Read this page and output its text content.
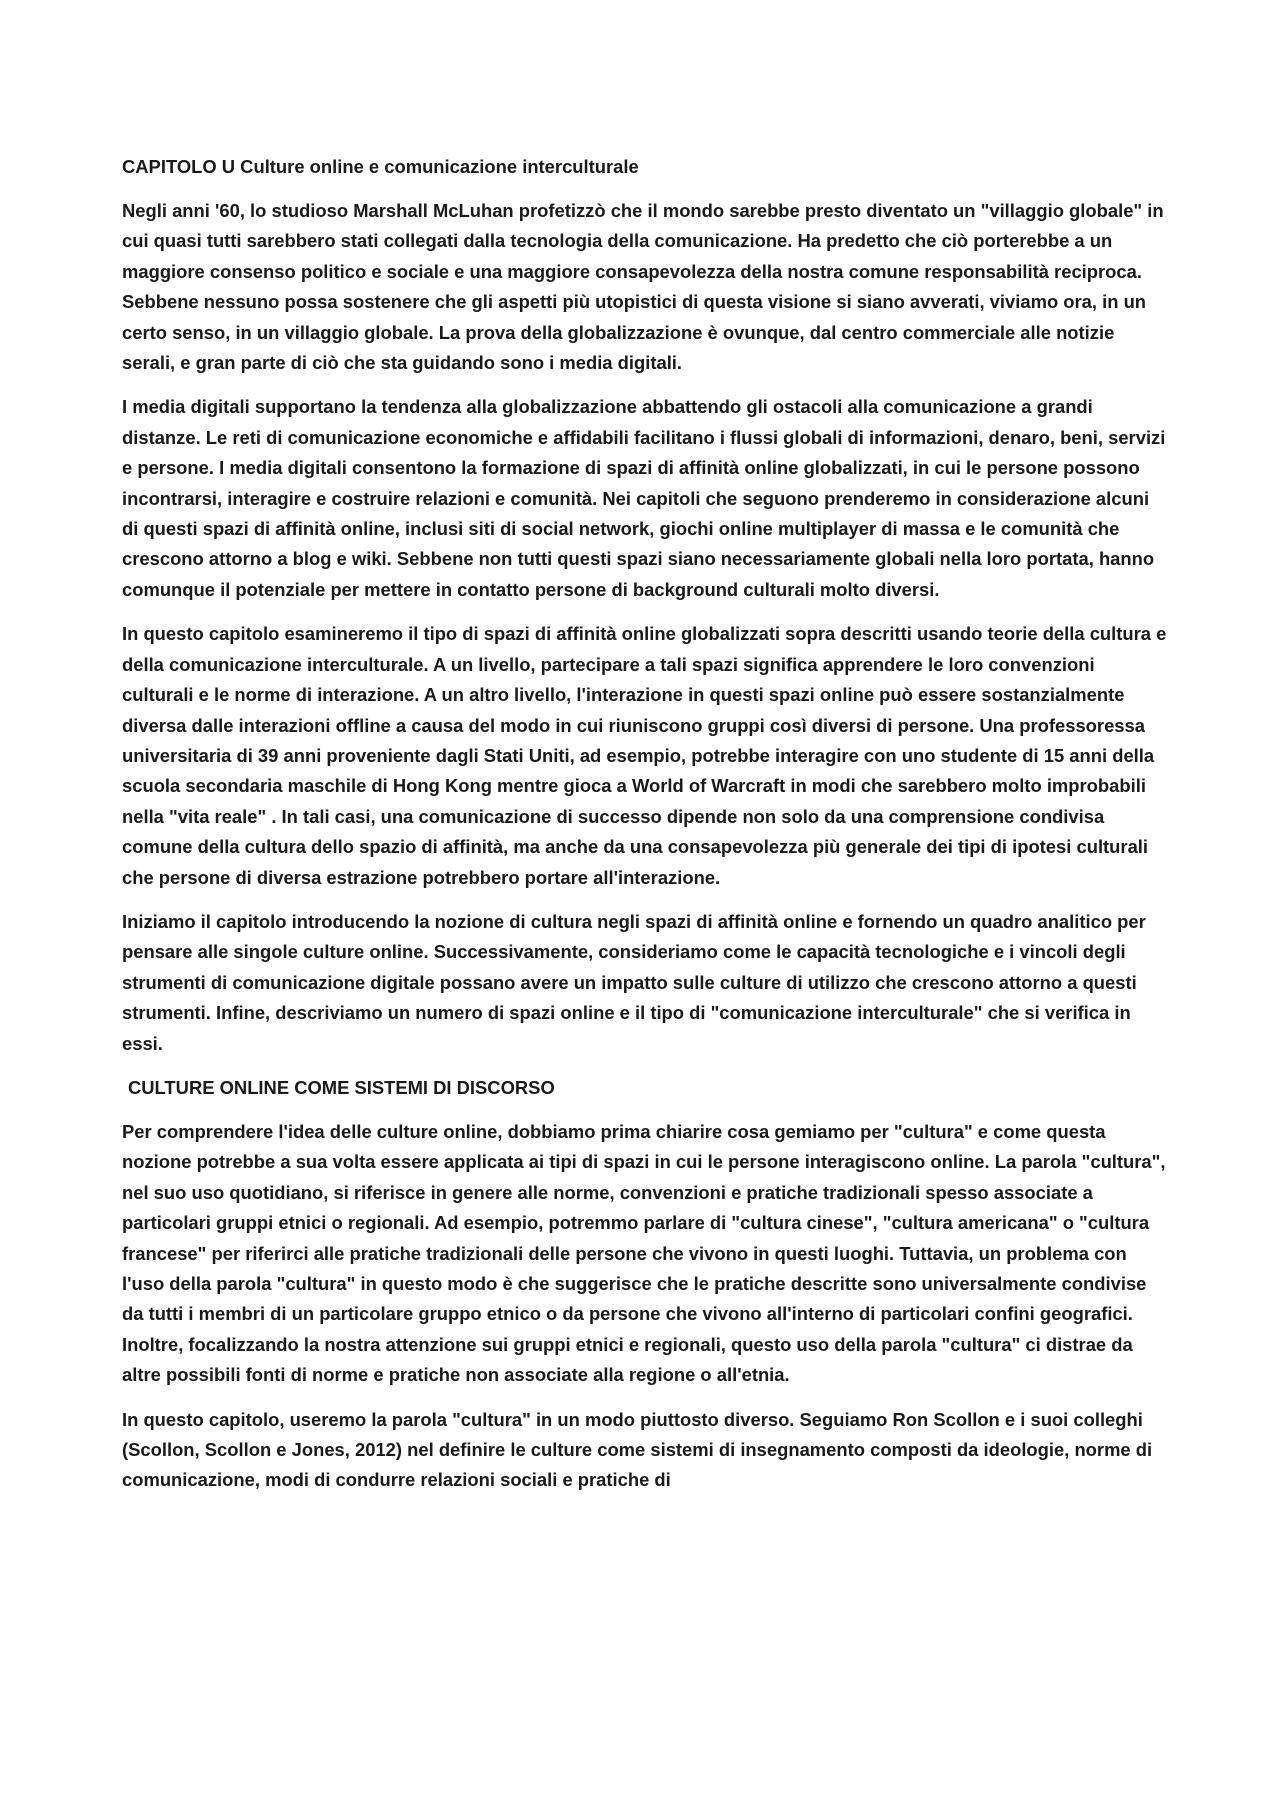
CAPITOLO U Culture online e comunicazione interculturale

Negli anni '60, lo studioso Marshall McLuhan profetizzò che il mondo sarebbe presto diventato un "villaggio globale" in cui quasi tutti sarebbero stati collegati dalla tecnologia della comunicazione. Ha predetto che ciò porterebbe a un maggiore consenso politico e sociale e una maggiore consapevolezza della nostra comune responsabilità reciproca. Sebbene nessuno possa sostenere che gli aspetti più utopistici di questa visione si siano avverati, viviamo ora, in un certo senso, in un villaggio globale. La prova della globalizzazione è ovunque, dal centro commerciale alle notizie serali, e gran parte di ciò che sta guidando sono i media digitali.

I media digitali supportano la tendenza alla globalizzazione abbattendo gli ostacoli alla comunicazione a grandi distanze. Le reti di comunicazione economiche e affidabili facilitano i flussi globali di informazioni, denaro, beni, servizi e persone. I media digitali consentono la formazione di spazi di affinità online globalizzati, in cui le persone possono incontrarsi, interagire e costruire relazioni e comunità. Nei capitoli che seguono prenderemo in considerazione alcuni di questi spazi di affinità online, inclusi siti di social network, giochi online multiplayer di massa e le comunità che crescono attorno a blog e wiki. Sebbene non tutti questi spazi siano necessariamente globali nella loro portata, hanno comunque il potenziale per mettere in contatto persone di background culturali molto diversi.

In questo capitolo esamineremo il tipo di spazi di affinità online globalizzati sopra descritti usando teorie della cultura e della comunicazione interculturale. A un livello, partecipare a tali spazi significa apprendere le loro convenzioni culturali e le norme di interazione. A un altro livello, l'interazione in questi spazi online può essere sostanzialmente diversa dalle interazioni offline a causa del modo in cui riuniscono gruppi così diversi di persone. Una professoressa universitaria di 39 anni proveniente dagli Stati Uniti, ad esempio, potrebbe interagire con uno studente di 15 anni della scuola secondaria maschile di Hong Kong mentre gioca a World of Warcraft in modi che sarebbero molto improbabili nella "vita reale" . In tali casi, una comunicazione di successo dipende non solo da una comprensione condivisa comune della cultura dello spazio di affinità, ma anche da una consapevolezza più generale dei tipi di ipotesi culturali che persone di diversa estrazione potrebbero portare all'interazione.

Iniziamo il capitolo introducendo la nozione di cultura negli spazi di affinità online e fornendo un quadro analitico per pensare alle singole culture online. Successivamente, consideriamo come le capacità tecnologiche e i vincoli degli strumenti di comunicazione digitale possano avere un impatto sulle culture di utilizzo che crescono attorno a questi strumenti. Infine, descriviamo un numero di spazi online e il tipo di "comunicazione interculturale" che si verifica in essi.

CULTURE ONLINE COME SISTEMI DI DISCORSO

Per comprendere l'idea delle culture online, dobbiamo prima chiarire cosa gemiamo per "cultura" e come questa nozione potrebbe a sua volta essere applicata ai tipi di spazi in cui le persone interagiscono online. La parola "cultura", nel suo uso quotidiano, si riferisce in genere alle norme, convenzioni e pratiche tradizionali spesso associate a particolari gruppi etnici o regionali. Ad esempio, potremmo parlare di "cultura cinese", "cultura americana" o "cultura francese" per riferirci alle pratiche tradizionali delle persone che vivono in questi luoghi. Tuttavia, un problema con l'uso della parola "cultura" in questo modo è che suggerisce che le pratiche descritte sono universalmente condivise da tutti i membri di un particolare gruppo etnico o da persone che vivono all'interno di particolari confini geografici. Inoltre, focalizzando la nostra attenzione sui gruppi etnici e regionali, questo uso della parola "cultura" ci distrae da altre possibili fonti di norme e pratiche non associate alla regione o all'etnia.

In questo capitolo, useremo la parola "cultura" in un modo piuttosto diverso. Seguiamo Ron Scollon e i suoi colleghi (Scollon, Scollon e Jones, 2012) nel definire le culture come sistemi di insegnamento composti da ideologie, norme di comunicazione, modi di condurre relazioni sociali e pratiche di
